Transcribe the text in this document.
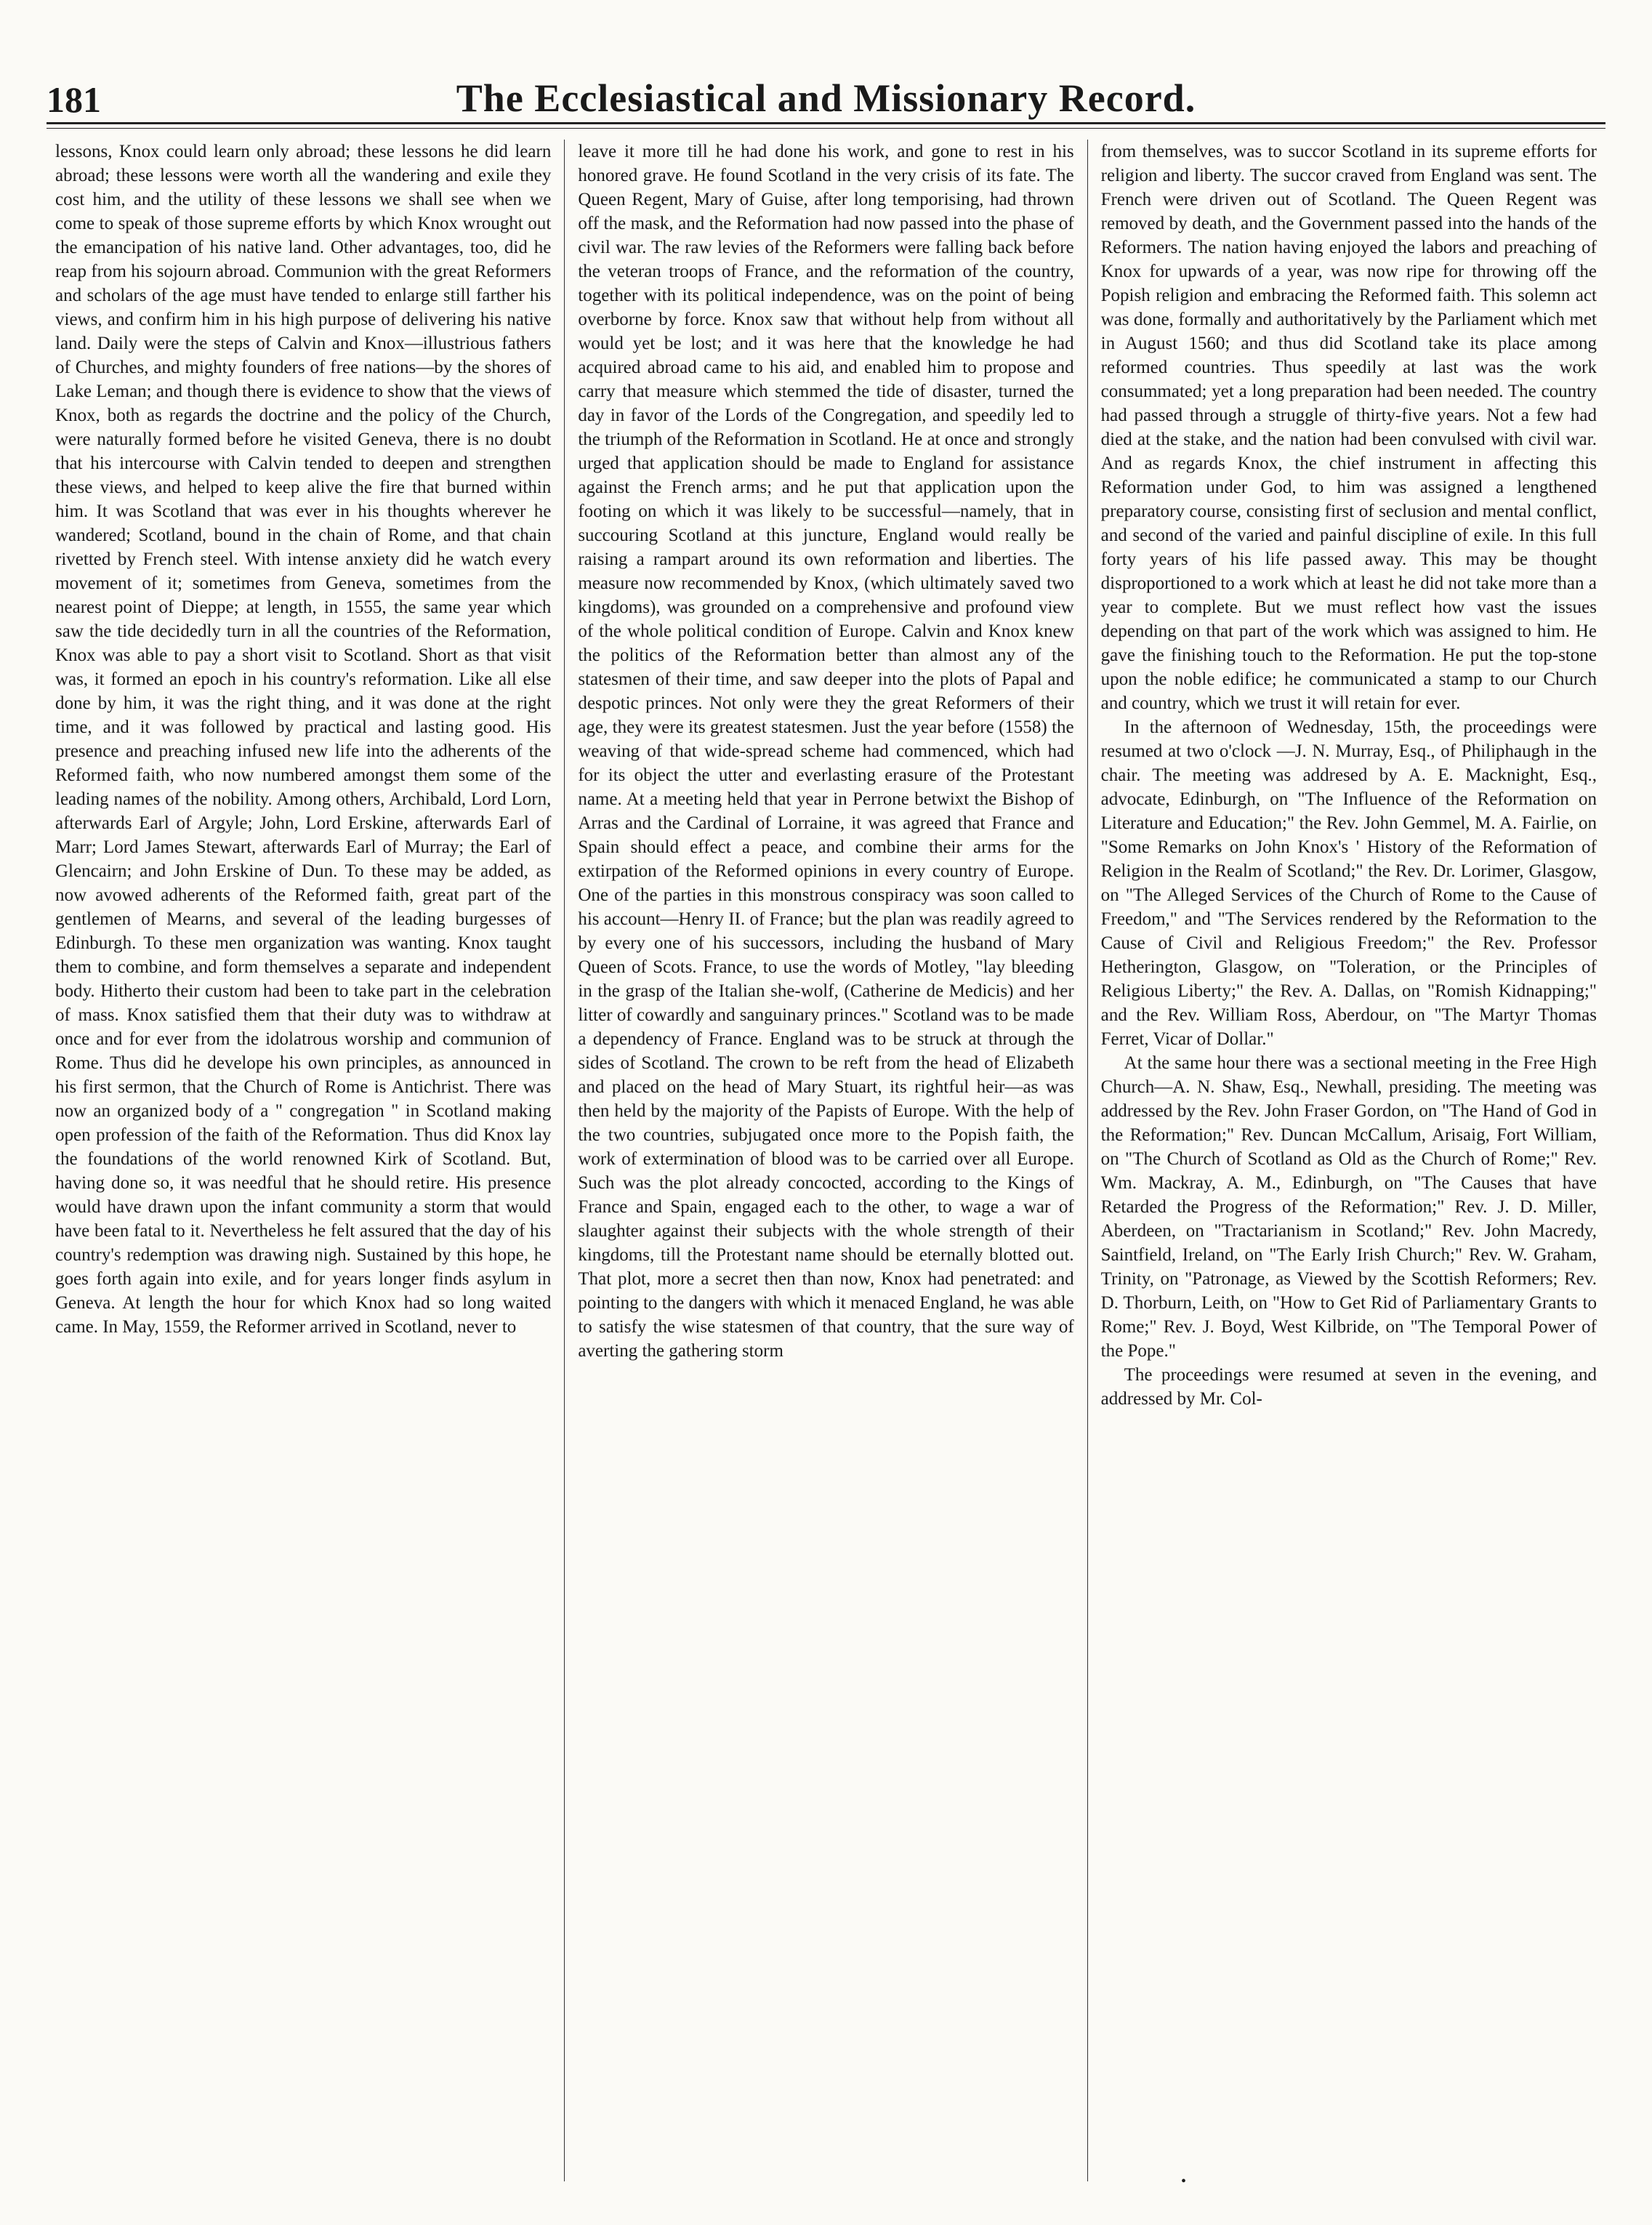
181	The Ecclesiastical and Missionary Record.

lessons, Knox could learn only abroad; these lessons he did learn abroad; these lessons were worth all the wandering and exile they cost him, and the utility of these lessons we shall see when we come to speak of those supreme efforts by which Knox wrought out the emancipation of his native land. Other advantages, too, did he reap from his sojourn abroad. Communion with the great Reformers and scholars of the age must have tended to enlarge still farther his views, and confirm him in his high purpose of delivering his native land. Daily were the steps of Calvin and Knox—illustrious fathers of Churches, and mighty founders of free nations—by the shores of Lake Leman; and though there is evidence to show that the views of Knox, both as regards the doctrine and the policy of the Church, were naturally formed before he visited Geneva, there is no doubt that his intercourse with Calvin tended to deepen and strengthen these views, and helped to keep alive the fire that burned within him. It was Scotland that was ever in his thoughts wherever he wandered; Scotland, bound in the chain of Rome, and that chain rivetted by French steel. With intense anxiety did he watch every movement of it; sometimes from Geneva, sometimes from the nearest point of Dieppe; at length, in 1555, the same year which saw the tide decidedly turn in all the countries of the Reformation, Knox was able to pay a short visit to Scotland. Short as that visit was, it formed an epoch in his country's reformation. Like all else done by him, it was the right thing, and it was done at the right time, and it was followed by practical and lasting good. His presence and preaching infused new life into the adherents of the Reformed faith, who now numbered amongst them some of the leading names of the nobility. Among others, Archibald, Lord Lorn, afterwards Earl of Argyle; John, Lord Erskine, afterwards Earl of Marr; Lord James Stewart, afterwards Earl of Murray; the Earl of Glencairn; and John Erskine of Dun. To these may be added, as now avowed adherents of the Reformed faith, great part of the gentlemen of Mearns, and several of the leading burgesses of Edinburgh. To these men organization was wanting. Knox taught them to combine, and form themselves a separate and independent body. Hitherto their custom had been to take part in the celebration of mass. Knox satisfied them that their duty was to withdraw at once and for ever from the idolatrous worship and communion of Rome. Thus did he develope his own principles, as announced in his first sermon, that the Church of Rome is Antichrist. There was now an organized body of a " congregation " in Scotland making open profession of the faith of the Reformation. Thus did Knox lay the foundations of the world renowned Kirk of Scotland. But, having done so, it was needful that he should retire. His presence would have drawn upon the infant community a storm that would have been fatal to it. Nevertheless he felt assured that the day of his country's redemption was drawing nigh. Sustained by this hope, he goes forth again into exile, and for years longer finds asylum in Geneva. At length the hour for which Knox had so long waited came. In May, 1559, the Reformer arrived in Scotland, never to

leave it more till he had done his work, and gone to rest in his honored grave. He found Scotland in the very crisis of its fate. The Queen Regent, Mary of Guise, after long temporising, had thrown off the mask, and the Reformation had now passed into the phase of civil war. The raw levies of the Reformers were falling back before the veteran troops of France, and the reformation of the country, together with its political independence, was on the point of being overborne by force. Knox saw that without help from without all would yet be lost; and it was here that the knowledge he had acquired abroad came to his aid, and enabled him to propose and carry that measure which stemmed the tide of disaster, turned the day in favor of the Lords of the Congregation, and speedily led to the triumph of the Reformation in Scotland. He at once and strongly urged that application should be made to England for assistance against the French arms; and he put that application upon the footing on which it was likely to be successful—namely, that in succouring Scotland at this juncture, England would really be raising a rampart around its own reformation and liberties. The measure now recommended by Knox, (which ultimately saved two kingdoms), was grounded on a comprehensive and profound view of the whole political condition of Europe. Calvin and Knox knew the politics of the Reformation better than almost any of the statesmen of their time, and saw deeper into the plots of Papal and despotic princes. Not only were they the great Reformers of their age, they were its greatest statesmen. Just the year before (1558) the weaving of that wide-spread scheme had commenced, which had for its object the utter and everlasting erasure of the Protestant name. At a meeting held that year in Perrone betwixt the Bishop of Arras and the Cardinal of Lorraine, it was agreed that France and Spain should effect a peace, and combine their arms for the extirpation of the Reformed opinions in every country of Europe. One of the parties in this monstrous conspiracy was soon called to his account—Henry II. of France; but the plan was readily agreed to by every one of his successors, including the husband of Mary Queen of Scots. France, to use the words of Motley, "lay bleeding in the grasp of the Italian she-wolf, (Catherine de Medicis) and her litter of cowardly and sanguinary princes." Scotland was to be made a dependency of France. England was to be struck at through the sides of Scotland. The crown to be reft from the head of Elizabeth and placed on the head of Mary Stuart, its rightful heir—as was then held by the majority of the Papists of Europe. With the help of the two countries, subjugated once more to the Popish faith, the work of extermination of blood was to be carried over all Europe. Such was the plot already concocted, according to the Kings of France and Spain, engaged each to the other, to wage a war of slaughter against their subjects with the whole strength of their kingdoms, till the Protestant name should be eternally blotted out. That plot, more a secret then than now, Knox had penetrated: and pointing to the dangers with which it menaced England, he was able to satisfy the wise statesmen of that country, that the sure way of averting the gathering storm

from themselves, was to succor Scotland in its supreme efforts for religion and liberty. The succor craved from England was sent. The French were driven out of Scotland. The Queen Regent was removed by death, and the Government passed into the hands of the Reformers. The nation having enjoyed the labors and preaching of Knox for upwards of a year, was now ripe for throwing off the Popish religion and embracing the Reformed faith. This solemn act was done, formally and authoritatively by the Parliament which met in August 1560; and thus did Scotland take its place among reformed countries. Thus speedily at last was the work consummated; yet a long preparation had been needed. The country had passed through a struggle of thirty-five years. Not a few had died at the stake, and the nation had been convulsed with civil war. And as regards Knox, the chief instrument in affecting this Reformation under God, to him was assigned a lengthened preparatory course, consisting first of seclusion and mental conflict, and second of the varied and painful discipline of exile. In this full forty years of his life passed away. This may be thought disproportioned to a work which at least he did not take more than a year to complete. But we must reflect how vast the issues depending on that part of the work which was assigned to him. He gave the finishing touch to the Reformation. He put the top-stone upon the noble edifice; he communicated a stamp to our Church and country, which we trust it will retain for ever.

In the afternoon of Wednesday, 15th, the proceedings were resumed at two o'clock —J. N. Murray, Esq., of Philiphaugh in the chair. The meeting was addresed by A. E. Macknight, Esq., advocate, Edinburgh, on "The Influence of the Reformation on Literature and Education;" the Rev. John Gemmel, M. A. Fairlie, on "Some Remarks on John Knox's ' History of the Reformation of Religion in the Realm of Scotland;" the Rev. Dr. Lorimer, Glasgow, on "The Alleged Services of the Church of Rome to the Cause of Freedom," and "The Services rendered by the Reformation to the Cause of Civil and Religious Freedom;" the Rev. Professor Hetherington, Glasgow, on "Toleration, or the Principles of Religious Liberty;" the Rev. A. Dallas, on "Romish Kidnapping;" and the Rev. William Ross, Aberdour, on "The Martyr Thomas Ferret, Vicar of Dollar."

At the same hour there was a sectional meeting in the Free High Church—A. N. Shaw, Esq., Newhall, presiding. The meeting was addressed by the Rev. John Fraser Gordon, on "The Hand of God in the Reformation;" Rev. Duncan McCallum, Arisaig, Fort William, on "The Church of Scotland as Old as the Church of Rome;" Rev. Wm. Mackray, A. M., Edinburgh, on "The Causes that have Retarded the Progress of the Reformation;" Rev. J. D. Miller, Aberdeen, on "Tractarianism in Scotland;" Rev. John Macredy, Saintfield, Ireland, on "The Early Irish Church;" Rev. W. Graham, Trinity, on "Patronage, as Viewed by the Scottish Reformers; Rev. D. Thorburn, Leith, on "How to Get Rid of Parliamentary Grants to Rome;" Rev. J. Boyd, West Kilbride, on "The Temporal Power of the Pope."

The proceedings were resumed at seven in the evening, and addressed by Mr. Col-

•
